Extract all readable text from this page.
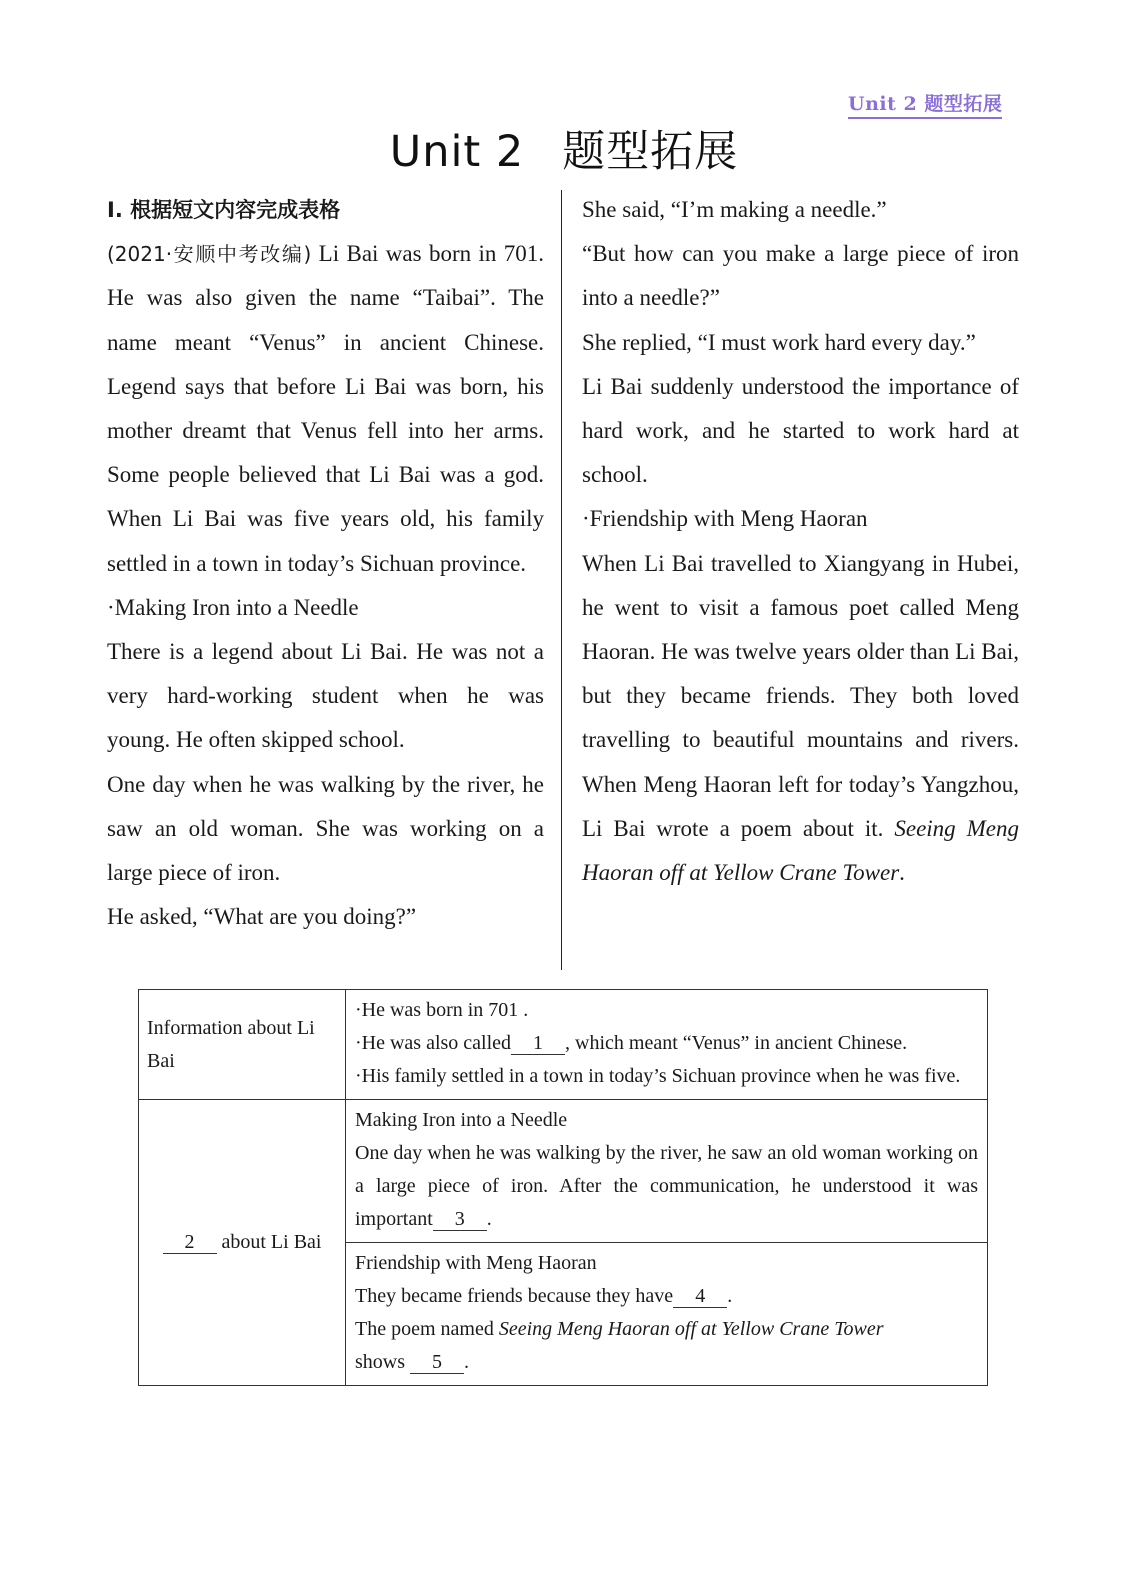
Unit 2 题型拓展
Unit 2 题型拓展

Ⅰ. 根据短文内容完成表格

(2021·安顺中考改编) Li Bai was born in 701. He was also given the name “Taibai”. The name meant “Venus” in ancient Chinese. Legend says that before Li Bai was born, his mother dreamt that Venus fell into her arms. Some people believed that Li Bai was a god. When Li Bai was five years old, his family settled in a town in today’s Sichuan province.

·Making Iron into a Needle

There is a legend about Li Bai. He was not a very hard-working student when he was young. He often skipped school.

One day when he was walking by the river, he saw an old woman. She was working on a large piece of iron.

He asked, “What are you doing?”

She said, “I’m making a needle.”

“But how can you make a large piece of iron into a needle?”

She replied, “I must work hard every day.”

Li Bai suddenly understood the importance of hard work, and he started to work hard at school.

·Friendship with Meng Haoran

When Li Bai travelled to Xiangyang in Hubei, he went to visit a famous poet called Meng Haoran. He was twelve years older than Li Bai, but they became friends. They both loved travelling to beautiful mountains and rivers. When Meng Haoran left for today’s Yangzhou, Li Bai wrote a poem about it. Seeing Meng Haoran off at Yellow Crane Tower.

Information about Li Bai	·He was born in 701 .
·He was also called 1 , which meant “Venus” in ancient Chinese.
·His family settled in a town in today’s Sichuan province when he was five.

2 about Li Bai	Making Iron into a Needle
One day when he was walking by the river, he saw an old woman working on a large piece of iron. After the communication, he understood it was important 3 .

	Friendship with Meng Haoran
They became friends because they have 4 .
The poem named Seeing Meng Haoran off at Yellow Crane Tower
shows 5 .
